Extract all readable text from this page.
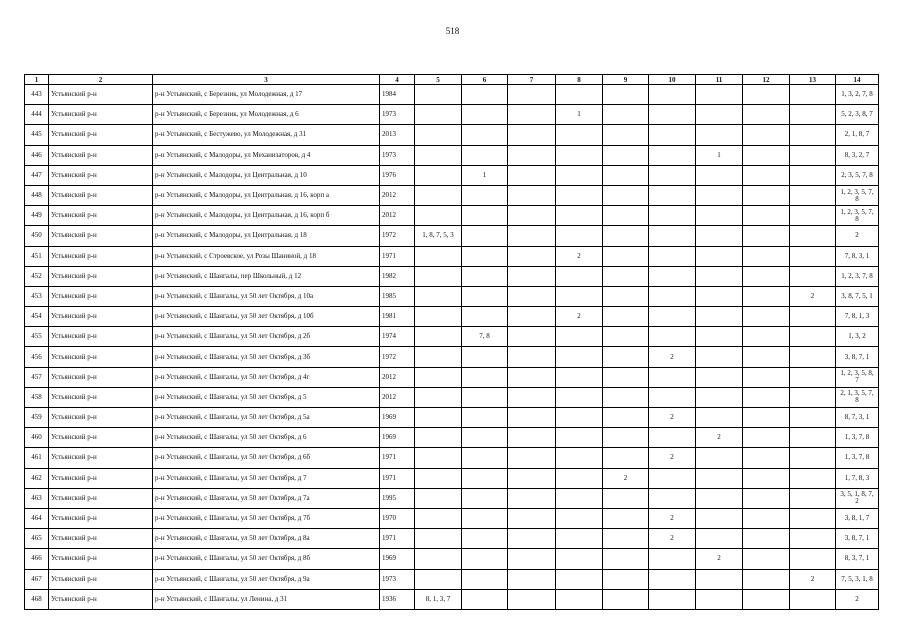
518
1	2	3	4	5	6	7	8	9	10	11	12	13	14
443	Устьянский р-н	р-н Устьянский, с Березник, ул Молодежная, д 17	1984										1, 3, 2, 7, 8
444	Устьянский р-н	р-н Устьянский, с Березник, ул Молодежная, д 6	1973				1						5, 2, 3, 8, 7
445	Устьянский р-н	р-н Устьянский, с Бестужево, ул Молодежная, д 31	2013										2, 1, 8, 7
446	Устьянский р-н	р-н Устьянский, с Малодоры, ул Механизаторов, д 4	1973							1			8, 3, 2, 7
447	Устьянский р-н	р-н Устьянский, с Малодоры, ул Центральная, д 10	1976		1								2, 3, 5, 7, 8
448	Устьянский р-н	р-н Устьянский, с Малодоры, ул Центральная, д 16, корп а	2012										1, 2, 3, 5, 7, 8
449	Устьянский р-н	р-н Устьянский, с Малодоры, ул Центральная, д 16, корп б	2012										1, 2, 3, 5, 7, 8
450	Устьянский р-н	р-н Устьянский, с Малодоры, ул Центральная, д 18	1972	1, 8, 7, 5, 3									2
451	Устьянский р-н	р-н Устьянский, с Строевское, ул Розы Шаниной, д 18	1971				2						7, 8, 3, 1
452	Устьянский р-н	р-н Устьянский, с Шангалы, пер Школьный, д 12	1982										1, 2, 3, 7, 8
453	Устьянский р-н	р-н Устьянский, с Шангалы, ул 50 лет Октября, д 10а	1985									2	3, 8, 7, 5, 1
454	Устьянский р-н	р-н Устьянский, с Шангалы, ул 50 лет Октября, д 10б	1981				2						7, 8, 1, 3
455	Устьянский р-н	р-н Устьянский, с Шангалы, ул 50 лет Октября, д 2б	1974		7, 8								1, 3, 2
456	Устьянский р-н	р-н Устьянский, с Шангалы, ул 50 лет Октября, д 3б	1972						2				3, 8, 7, 1
457	Устьянский р-н	р-н Устьянский, с Шангалы, ул 50 лет Октября, д 4г	2012										1, 2, 3, 5, 8, 7
458	Устьянский р-н	р-н Устьянский, с Шангалы, ул 50 лет Октября, д 5	2012										2, 1, 3, 5, 7, 8
459	Устьянский р-н	р-н Устьянский, с Шангалы, ул 50 лет Октября, д 5а	1969						2				8, 7, 3, 1
460	Устьянский р-н	р-н Устьянский, с Шангалы, ул 50 лет Октября, д 6	1969							2			1, 3, 7, 8
461	Устьянский р-н	р-н Устьянский, с Шангалы, ул 50 лет Октября, д 6б	1971						2				1, 3, 7, 8
462	Устьянский р-н	р-н Устьянский, с Шангалы, ул 50 лет Октября, д 7	1971					2					1, 7, 8, 3
463	Устьянский р-н	р-н Устьянский, с Шангалы, ул 50 лет Октября, д 7а	1995										3, 5, 1, 8, 7, 2
464	Устьянский р-н	р-н Устьянский, с Шангалы, ул 50 лет Октября, д 7б	1970						2				3, 8, 1, 7
465	Устьянский р-н	р-н Устьянский, с Шангалы, ул 50 лет Октября, д 8а	1971						2				3, 8, 7, 1
466	Устьянский р-н	р-н Устьянский, с Шангалы, ул 50 лет Октября, д 8б	1969							2			8, 3, 7, 1
467	Устьянский р-н	р-н Устьянский, с Шангалы, ул 50 лет Октября, д 9а	1973									2	7, 5, 3, 1, 8
468	Устьянский р-н	р-н Устьянский, с Шангалы, ул Ленина, д 31	1936	8, 1, 3, 7									2
